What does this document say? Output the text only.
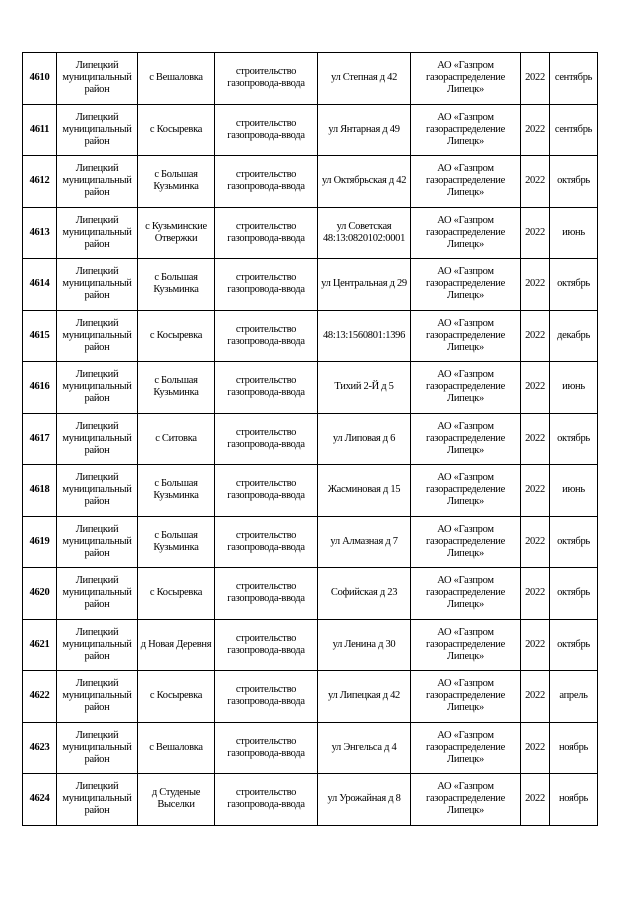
4610	Липецкий муниципальный район	с Вешаловка	строительство газопровода-ввода	ул Степная д 42	АО «Газпром газораспределение Липецк»	2022	сентябрь
4611	Липецкий муниципальный район	с Косыревка	строительство газопровода-ввода	ул Янтарная д 49	АО «Газпром газораспределение Липецк»	2022	сентябрь
4612	Липецкий муниципальный район	с Большая Кузьминка	строительство газопровода-ввода	ул Октябрьская д 42	АО «Газпром газораспределение Липецк»	2022	октябрь
4613	Липецкий муниципальный район	с Кузьминские Отвержки	строительство газопровода-ввода	ул Советская 48:13:0820102:0001	АО «Газпром газораспределение Липецк»	2022	июнь
4614	Липецкий муниципальный район	с Большая Кузьминка	строительство газопровода-ввода	ул Центральная д 29	АО «Газпром газораспределение Липецк»	2022	октябрь
4615	Липецкий муниципальный район	с Косыревка	строительство газопровода-ввода	48:13:1560801:1396	АО «Газпром газораспределение Липецк»	2022	декабрь
4616	Липецкий муниципальный район	с Большая Кузьминка	строительство газопровода-ввода	Тихий 2-Й д 5	АО «Газпром газораспределение Липецк»	2022	июнь
4617	Липецкий муниципальный район	с Ситовка	строительство газопровода-ввода	ул Липовая д 6	АО «Газпром газораспределение Липецк»	2022	октябрь
4618	Липецкий муниципальный район	с Большая Кузьминка	строительство газопровода-ввода	Жасминовая д 15	АО «Газпром газораспределение Липецк»	2022	июнь
4619	Липецкий муниципальный район	с Большая Кузьминка	строительство газопровода-ввода	ул Алмазная д 7	АО «Газпром газораспределение Липецк»	2022	октябрь
4620	Липецкий муниципальный район	с Косыревка	строительство газопровода-ввода	Софийская д 23	АО «Газпром газораспределение Липецк»	2022	октябрь
4621	Липецкий муниципальный район	д Новая Деревня	строительство газопровода-ввода	ул Ленина д 30	АО «Газпром газораспределение Липецк»	2022	октябрь
4622	Липецкий муниципальный район	с Косыревка	строительство газопровода-ввода	ул Липецкая д 42	АО «Газпром газораспределение Липецк»	2022	апрель
4623	Липецкий муниципальный район	с Вешаловка	строительство газопровода-ввода	ул Энгельса д 4	АО «Газпром газораспределение Липецк»	2022	ноябрь
4624	Липецкий муниципальный район	д Студеные Выселки	строительство газопровода-ввода	ул Урожайная д 8	АО «Газпром газораспределение Липецк»	2022	ноябрь
